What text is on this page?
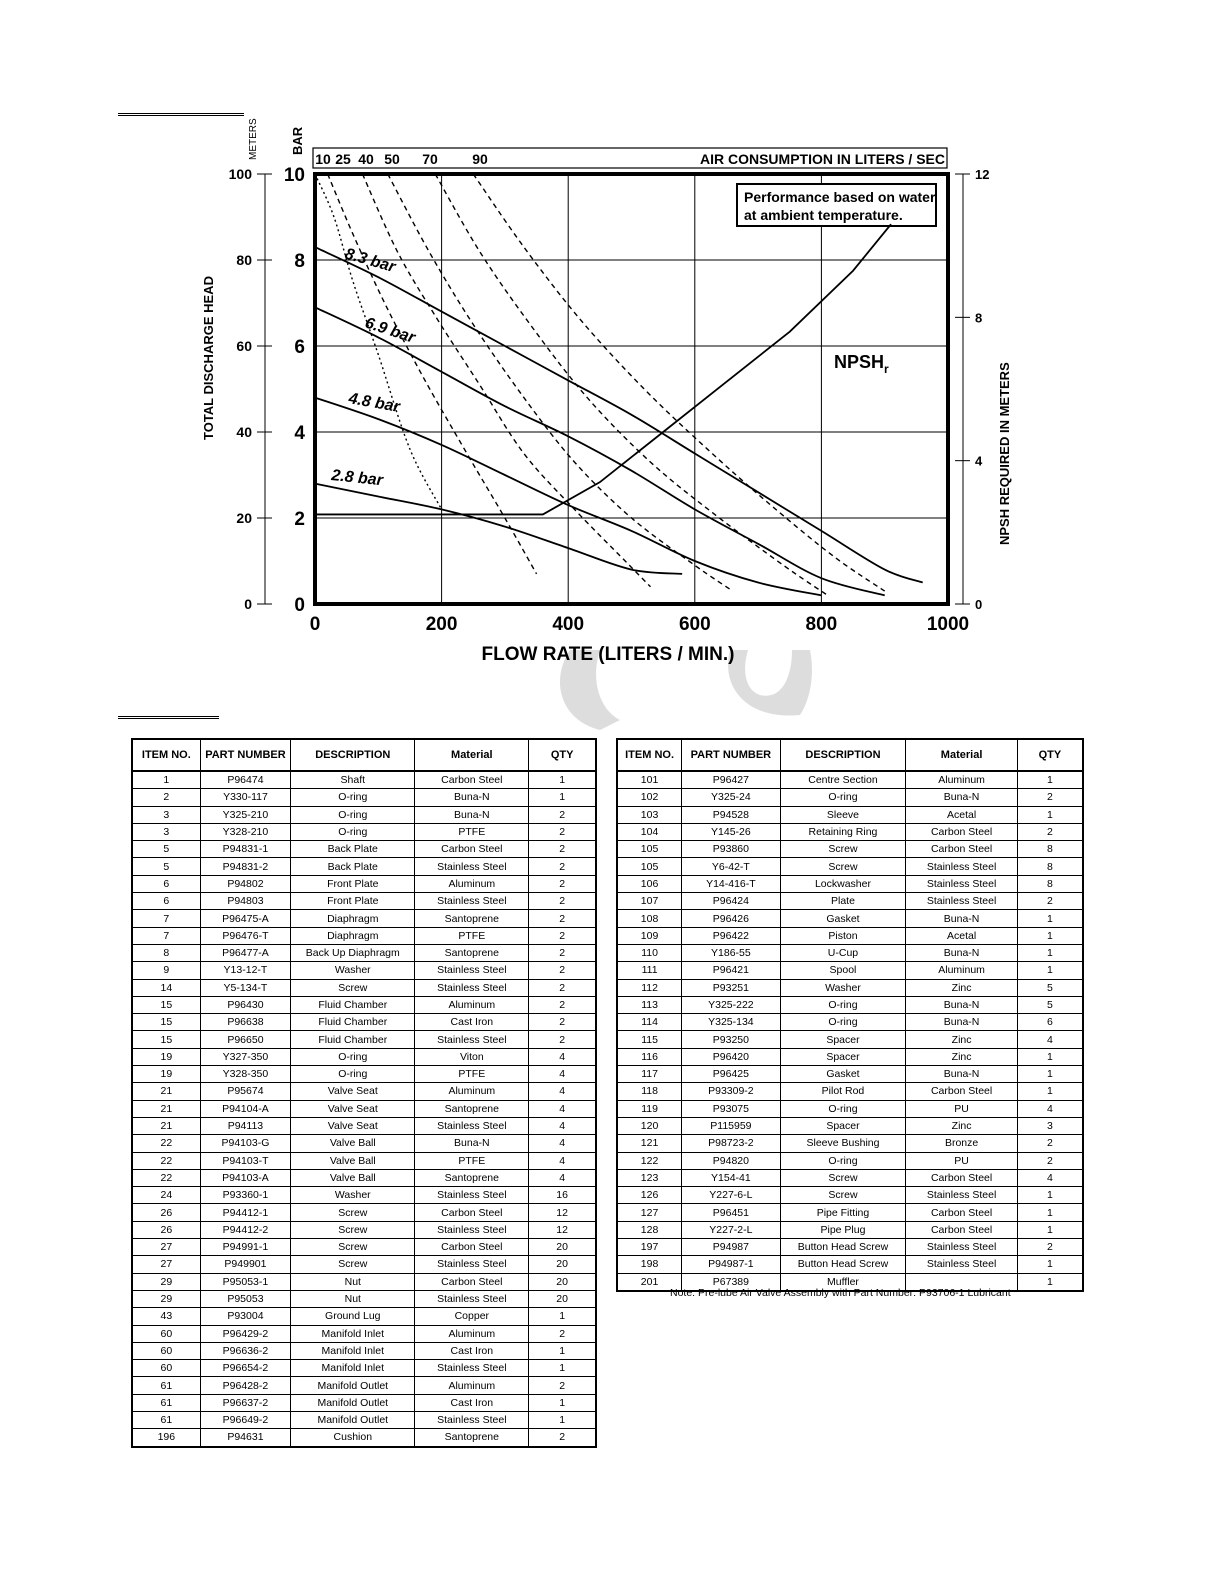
AIR CONSUMPTION IN LITERS / SEC
10 25 40 50 70 90
METERS BAR
TOTAL DISCHARGE HEAD
0
0
2
20
4
40
6
60
8
80
10
100
0	200	400	600	800	1000
FLOW RATE (LITERS / MIN.)
NPSH REQUIRED IN METERS
0
4
8
12
Performance based on water
at ambient temperature.
8.3 bar
6.9 bar
4.8 bar
2.8 bar
$NPSH_r$
ITEM NO.	PART NUMBER	DESCRIPTION	Material	QTY
1	P96474	Shaft	Carbon Steel	1
2	Y330-117	O-ring	Buna-N	1
3	Y325-210	O-ring	Buna-N	2
3	Y328-210	O-ring	PTFE	2
5	P94831-1	Back Plate	Carbon Steel	2
5	P94831-2	Back Plate	Stainless Steel	2
6	P94802	Front Plate	Aluminum	2
6	P94803	Front Plate	Stainless Steel	2
7	P96475-A	Diaphragm	Santoprene	2
7	P96476-T	Diaphragm	PTFE	2
8	P96477-A	Back Up Diaphragm	Santoprene	2
9	Y13-12-T	Washer	Stainless Steel	2
14	Y5-134-T	Screw	Stainless Steel	2
15	P96430	Fluid Chamber	Aluminum	2
15	P96638	Fluid Chamber	Cast Iron	2
15	P96650	Fluid Chamber	Stainless Steel	2
19	Y327-350	O-ring	Viton	4
19	Y328-350	O-ring	PTFE	4
21	P95674	Valve Seat	Aluminum	4
21	P94104-A	Valve Seat	Santoprene	4
21	P94113	Valve Seat	Stainless Steel	4
22	P94103-G	Valve Ball	Buna-N	4
22	P94103-T	Valve Ball	PTFE	4
22	P94103-A	Valve Ball	Santoprene	4
24	P93360-1	Washer	Stainless Steel	16
26	P94412-1	Screw	Carbon Steel	12
26	P94412-2	Screw	Stainless Steel	12
27	P94991-1	Screw	Carbon Steel	20
27	P949901	Screw	Stainless Steel	20
29	P95053-1	Nut	Carbon Steel	20
29	P95053	Nut	Stainless Steel	20
43	P93004	Ground Lug	Copper	1
60	P96429-2	Manifold Inlet	Aluminum	2
60	P96636-2	Manifold Inlet	Cast Iron	1
60	P96654-2	Manifold Inlet	Stainless Steel	1
61	P96428-2	Manifold Outlet	Aluminum	2
61	P96637-2	Manifold Outlet	Cast Iron	1
61	P96649-2	Manifold Outlet	Stainless Steel	1
196	P94631	Cushion	Santoprene	2
ITEM NO.	PART NUMBER	DESCRIPTION	Material	QTY
101	P96427	Centre Section	Aluminum	1
102	Y325-24	O-ring	Buna-N	2
103	P94528	Sleeve	Acetal	1
104	Y145-26	Retaining Ring	Carbon Steel	2
105	P93860	Screw	Carbon Steel	8
105	Y6-42-T	Screw	Stainless Steel	8
106	Y14-416-T	Lockwasher	Stainless Steel	8
107	P96424	Plate	Stainless Steel	2
108	P96426	Gasket	Buna-N	1
109	P96422	Piston	Acetal	1
110	Y186-55	U-Cup	Buna-N	1
111	P96421	Spool	Aluminum	1
112	P93251	Washer	Zinc	5
113	Y325-222	O-ring	Buna-N	5
114	Y325-134	O-ring	Buna-N	6
115	P93250	Spacer	Zinc	4
116	P96420	Spacer	Zinc	1
117	P96425	Gasket	Buna-N	1
118	P93309-2	Pilot Rod	Carbon Steel	1
119	P93075	O-ring	PU	4
120	P115959	Spacer	Zinc	3
121	P98723-2	Sleeve Bushing	Bronze	2
122	P94820	O-ring	PU	2
123	Y154-41	Screw	Carbon Steel	4
126	Y227-6-L	Screw	Stainless Steel	1
127	P96451	Pipe Fitting	Carbon Steel	1
128	Y227-2-L	Pipe Plug	Carbon Steel	1
197	P94987	Button Head Screw	Stainless Steel	2
198	P94987-1	Button Head Screw	Stainless Steel	1
201	P67389	Muffler		1
Note: Pre-lube Air Valve Assembly with Part Number: P93706-1 Lubricant
